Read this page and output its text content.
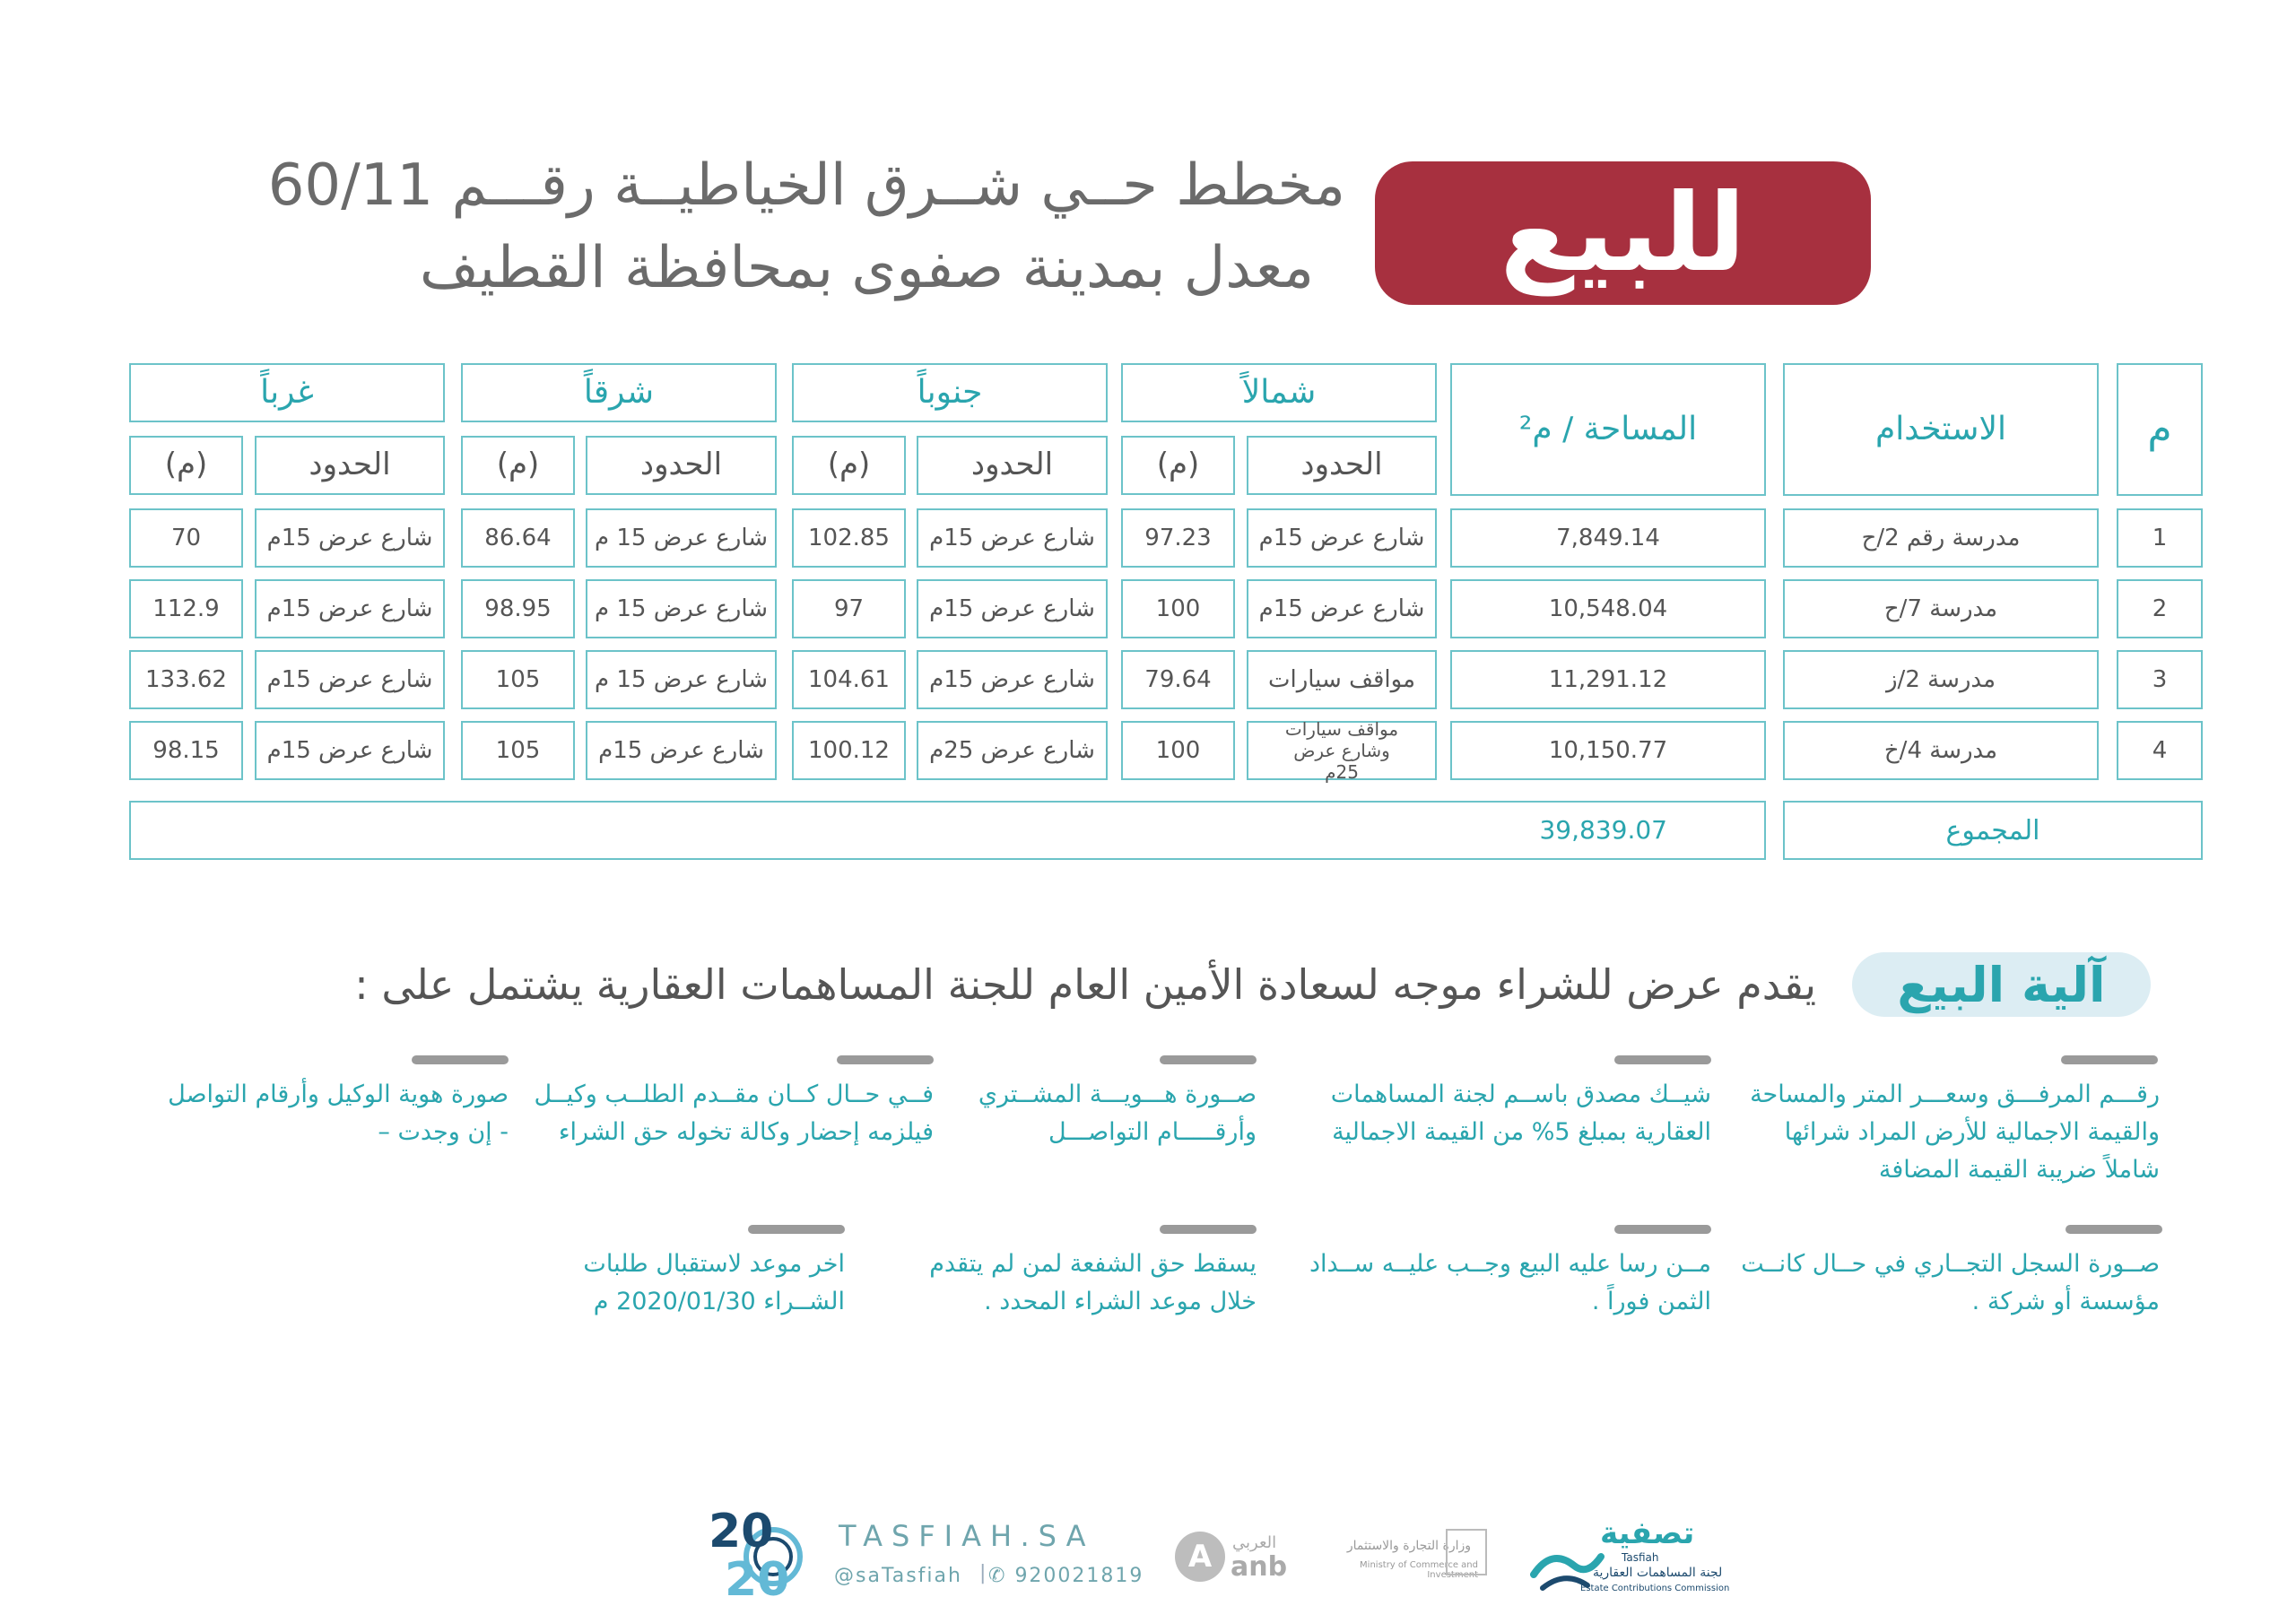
للبيع
مخطط حــي شــرق الخياطيــة رقـــم 60/11
معدل بمدينة صفوى بمحافظة القطيف
م
الاستخدام
المساحة / م²
شمالاً
جنوباً
شرقاً
غرباً
الحدود
(م)
الحدود
(م)
الحدود
(م)
الحدود
(م)
1
مدرسة رقم 2/ح
7,849.14
شارع عرض 15م
97.23
شارع عرض 15م
102.85
شارع عرض 15 م
86.64
شارع عرض 15م
70
2
مدرسة 7/ح
10,548.04
شارع عرض 15م
100
شارع عرض 15م
97
شارع عرض 15 م
98.95
شارع عرض 15م
112.9
3
مدرسة 2/ز
11,291.12
مواقف سيارات
79.64
شارع عرض 15م
104.61
شارع عرض 15 م
105
شارع عرض 15م
133.62
4
مدرسة 4/خ
10,150.77
مواقف سيارات وشارع عرض 25م
100
شارع عرض 25م
100.12
شارع عرض 15م
105
شارع عرض 15م
98.15
المجموع
39,839.07
آلية البيع
يقدم عرض للشراء موجه لسعادة الأمين العام للجنة المساهمات العقارية يشتمل على :
رقـــم المرفـــق وسعـــر المتر والمساحة
والقيمة الاجمالية للأرض المراد شرائها
شاملاً ضريبة القيمة المضافة
شيــك مصدق باســم لجنة المساهمات
العقارية بمبلغ 5% من القيمة الاجمالية
صــورة هـــويـــة المشــتري
وأرقـــــام التواصـــل
فــي حــال كــان مقــدم الطلــب وكيــل
فيلزمه إحضار وكالة تخوله حق الشراء
صورة هوية الوكيل وأرقام التواصل
- إن وجدت –
صــورة السجل التجــاري في حــال كانــت
مؤسسة أو شركة .
مــن رسا عليه البيع وجــب عليــه ســداد
الثمن فوراً .
يسقط حق الشفعة لمن لم يتقدم
خلال موعد الشراء المحدد .
اخر موعد لاستقبال طلبات
الشــراء 2020/01/30 م
20
20
TASFIAH.SA
@saTasfiah | ✆ 920021819
A العربي
anb
وزارة التجارة والاستثمار
Ministry of Commerce and Investment
تصفية
Tasfiah
لجنة المساهمات العقارية
Estate Contributions Commission
